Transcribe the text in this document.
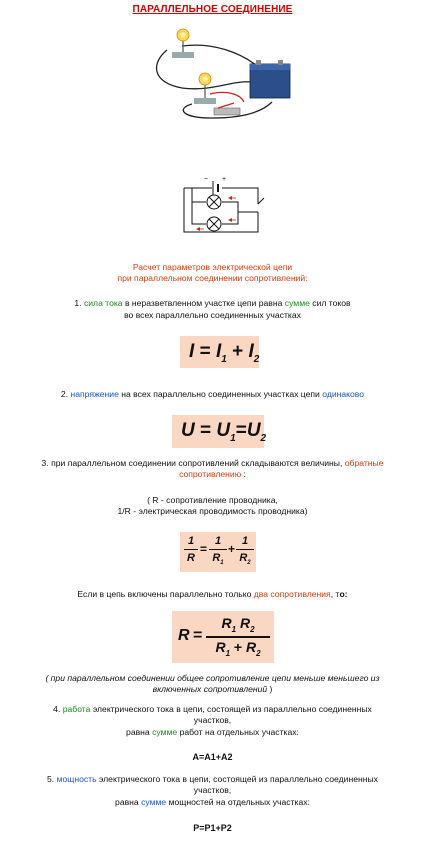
ПАРАЛЛЕЛЬНОЕ СОЕДИНЕНИЕ
− +
Расчет параметров электрической цепи
при параллельном соединении сопротивлений:
1. сила тока в неразветвленном участке цепи равна сумме сил токов
во всех параллельно соединенных участках
$I = I_1 + I_2$
2. напряжение на всех параллельно соединенных участках цепи одинаково
$U = U_1=U_2$
3. при параллельном соединении сопротивлений складываются величины, обратные
сопротивлению :
( R - сопротивление проводника,
1/R - электрическая проводимость проводника)
1
R
=
1
$R_1$
+
1
$R_2$
Если в цепь включены параллельно только два сопротивления, то:
R =
$R_1$ $R_2$
$R_1 + R_2$
( при параллельном соединении общее сопротивление цепи меньше меньшего из
включенных сопротивлений )
4. работа электрического тока в цепи, состоящей из параллельно соединенных
участков,
равна сумме работ на отдельных участках:
A=A1+A2
5. мощность электрического тока в цепи, состоящей из параллельно соединенных
участков,
равна сумме мощностей на отдельных участках:
P=P1+P2
